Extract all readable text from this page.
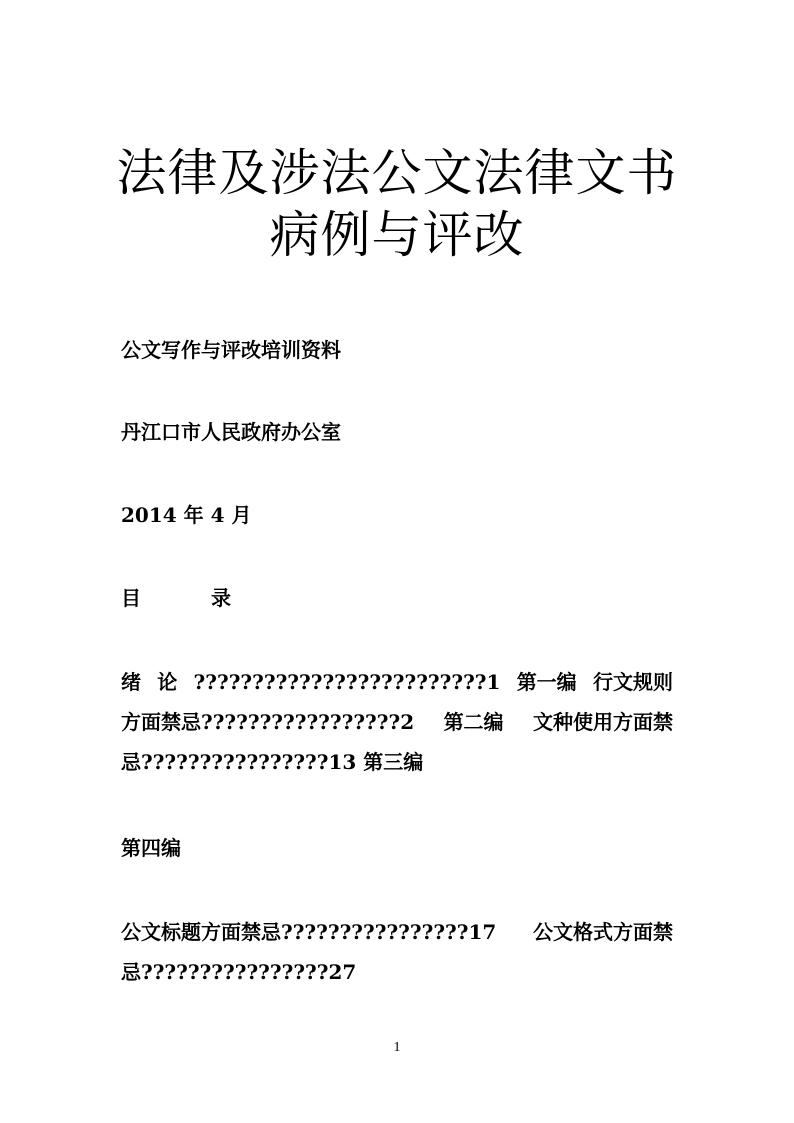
法律及涉法公文法律文书
病例与评改

公文写作与评改培训资料

丹江口市人民政府办公室

2014 年 4 月

目	录

绪 论 ?????????????????????????1 第一编 行文规则
方面禁忌?????????????????2 第二编 文种使用方面禁
忌????????????????13 第三编

第四编

公文标题方面禁忌????????????????17 公文格式方面禁
忌????????????????27
1
